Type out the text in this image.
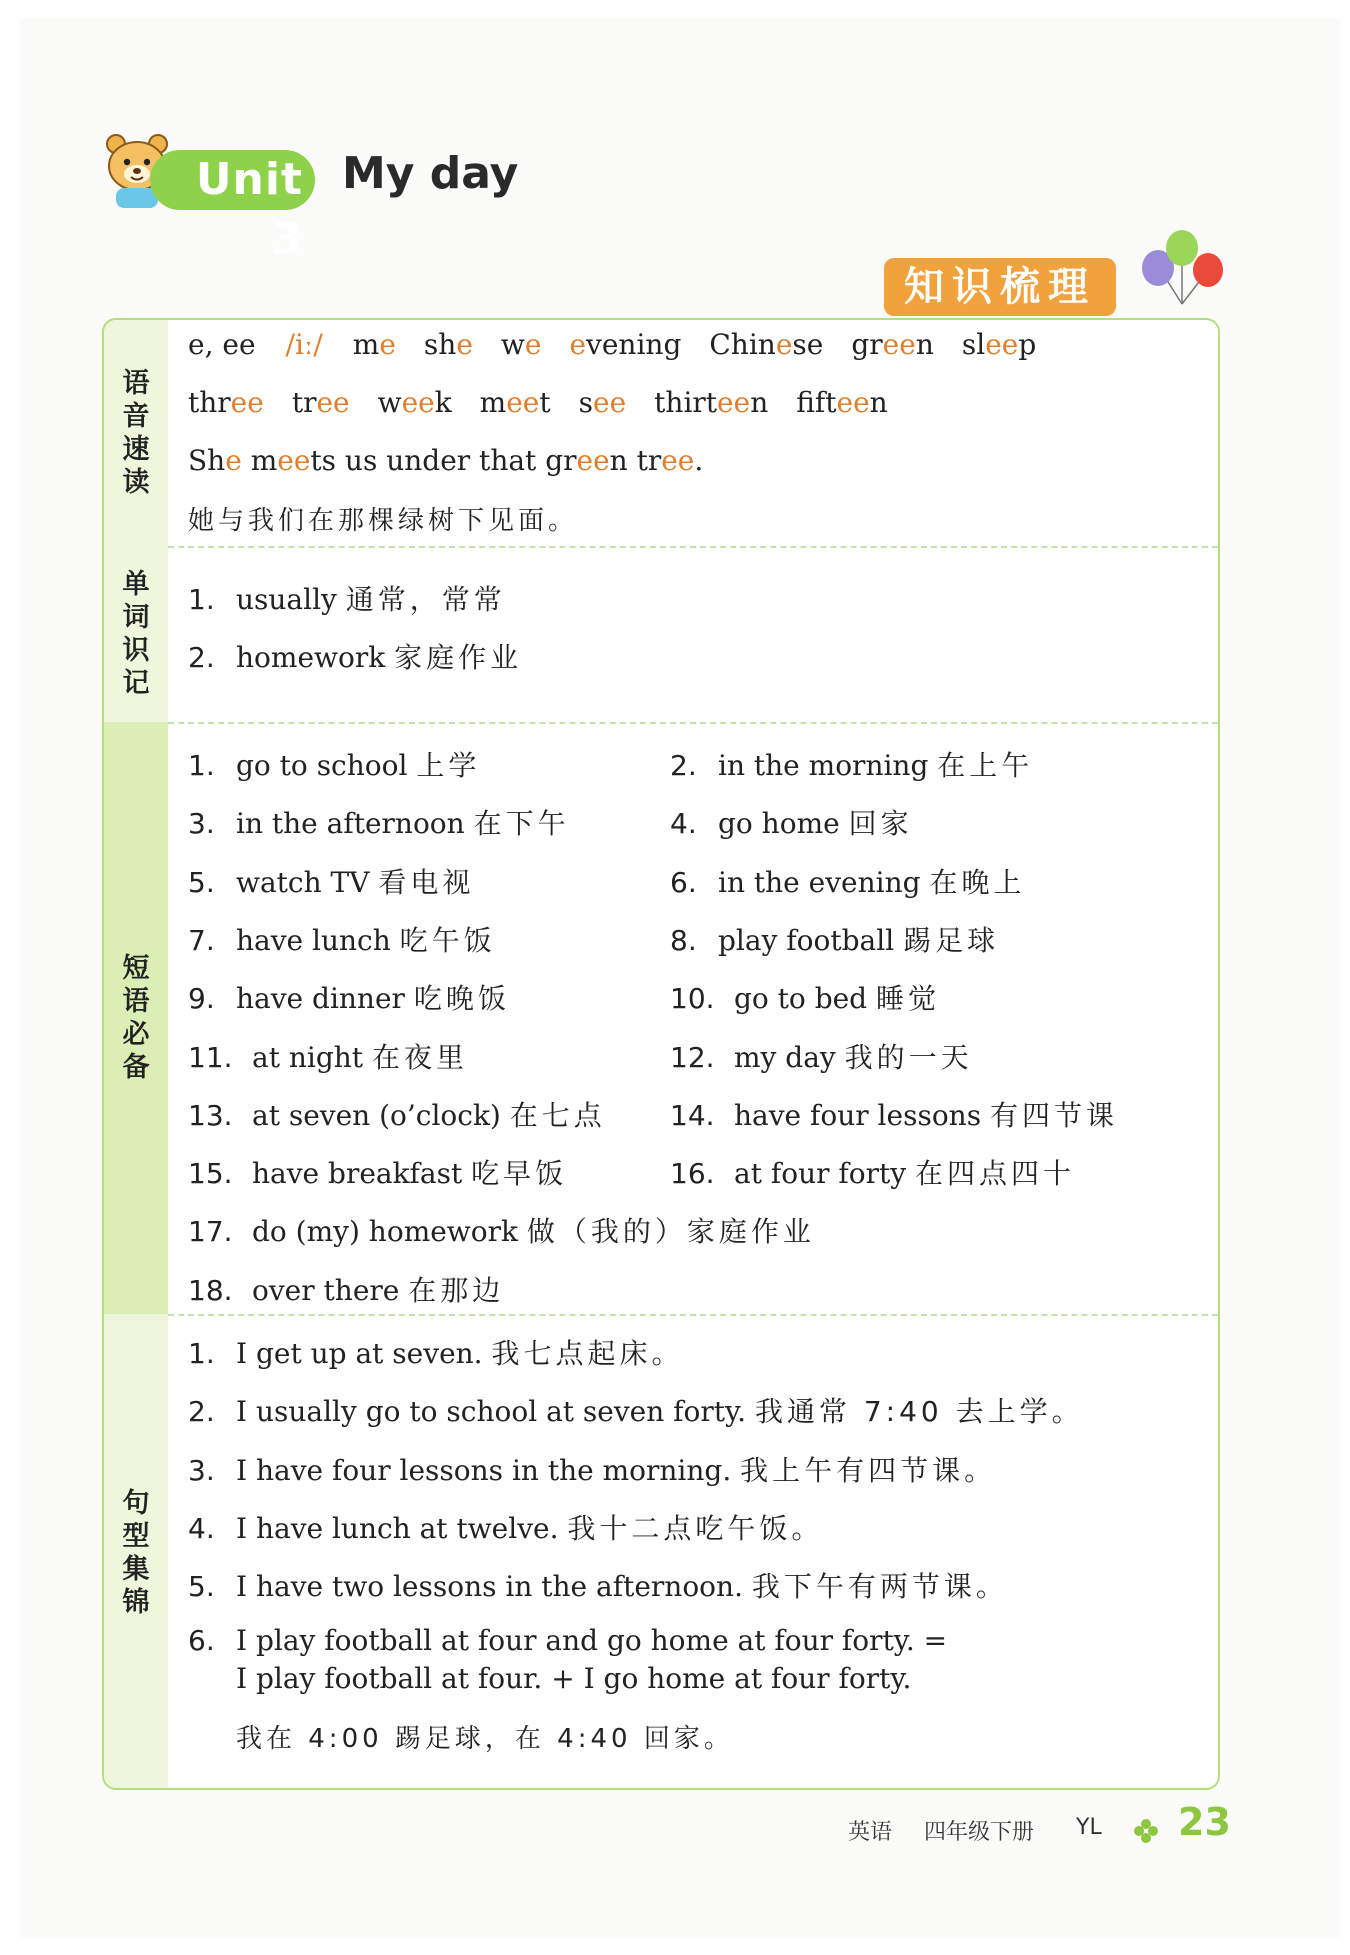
Unit 3
My day
知识梳理
语
音
速
读
单
词
识
记
短
语
必
备
句
型
集
锦
e, ee /iː/ me she we evening Chinese green sleep
three tree week meet see thirteen fifteen
She meets us under that green tree.
她与我们在那棵绿树下见面。
1. usually 通常，常常
2. homework 家庭作业
1. go to school 上学	2. in the morning 在上午
3. in the afternoon 在下午	4. go home 回家
5. watch TV 看电视	6. in the evening 在晚上
7. have lunch 吃午饭	8. play football 踢足球
9. have dinner 吃晚饭	10. go to bed 睡觉
11. at night 在夜里	12. my day 我的一天
13. at seven (o’clock) 在七点 14. have four lessons 有四节课
15. have breakfast 吃早饭	16. at four forty 在四点四十
17. do (my) homework 做（我的）家庭作业
18. over there 在那边
1. I get up at seven. 我七点起床。
2. I usually go to school at seven forty. 我通常 7:40 去上学。
3. I have four lessons in the morning. 我上午有四节课。
4. I have lunch at twelve. 我十二点吃午饭。
5. I have two lessons in the afternoon. 我下午有两节课。
6. I play football at four and go home at four forty. =
I play football at four. + I go home at four forty.
我在 4:00 踢足球，在 4:40 回家。
英语 四年级下册 YL 23
